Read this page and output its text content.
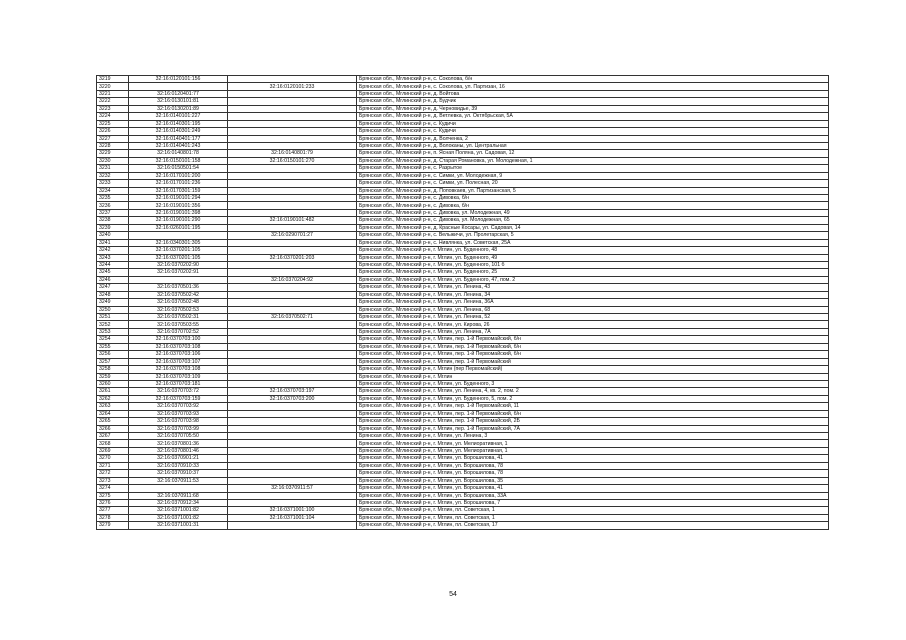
3219	32:16:0120101:156		Брянская обл., Мглинский р-н, с. Соколова, б/н
3220		32:16:0120101:233	Брянская обл., Мглинский р-н, с. Соколова, ул. Партизан, 16
3221	32:16:0120401:77		Брянская обл., Мглинский р-н, д. Войтова
3222	32:16:0130101:81		Брянская обл., Мглинский р-н, д. Будчик
3223	32:16:0130201:89		Брянская обл., Мглинский р-н, д. Черновидье, 39
3224	32:16:0140101:227		Брянская обл., Мглинский р-н, д. Ветлевка, ул. Октябрьская, 5А
3225	32:16:0140301:195		Брянская обл., Мглинский р-н, с. Кудичи
3226	32:16:0140301:249		Брянская обл., Мглинский р-н, с. Кудичи
3227	32:16:0140401:177		Брянская обл., Мглинский р-н, д. Волченка, 2
3228	32:16:0140401:243		Брянская обл., Мглинский р-н, д. Волоканы, ул. Центральная
3229	32:16:0140801:78	32:16:0140801:79	Брянская обл., Мглинский р-н, п. Ясная Поляна, ул. Садовая, 12
3230	32:16:0150101:158	32:16:0150101:270	Брянская обл., Мглинский р-н, д. Старая Романовка, ул. Молодежная, 1
3231	32:16:0150501:54		Брянская обл., Мглинский р-н, с. Разрытое
3232	32:16:0170101:200		Брянская обл., Мглинский р-н, с. Симки, ул. Молодежная, 9
3233	32:16:0170101:236		Брянская обл., Мглинский р-н, с. Симки, ул. Полесная, 20
3234	32:16:0170301:159		Брянская обл., Мглинский р-н, д. Поповкаев, ул. Партизанская, 5
3235	32:16:0190101:294		Брянская обл., Мглинский р-н, с. Дивовка, б/н
3236	32:16:0190101:356		Брянская обл., Мглинский р-н, с. Дивовка, б/н
3237	32:16:0190101:398		Брянская обл., Мглинский р-н, с. Дивовка, ул. Молодежная, 49
3238	32:16:0190101:290	32:16:0190101:482	Брянская обл., Мглинский р-н, с. Дивовка, ул. Молодежная, 65
3239	32:16:0260101:195		Брянская обл., Мглинский р-н, д. Красные Косары, ул. Садовая, 14
3240		32:16:0290701:27	Брянская обл., Мглинский р-н, с. Вельжичи, ул. Пролетарская, 5
3241	32:16:0340301:305		Брянская обл., Мглинский р-н, с. Нивлянка, ул. Советская, 25А
3242	32:16:0370201:105		Брянская обл., Мглинский р-н, г. Мглин, ул. Буденного, 48
3243	32:16:0370201:105	32:16:0370201:203	Брянская обл., Мглинский р-н, г. Мглин, ул. Буденного, 49
3244	32:16:0370202:90		Брянская обл., Мглинский р-н, г. Мглин, ул. Буденного, 101 б
3245	32:16:0370202:91		Брянская обл., Мглинский р-н, г. Мглин, ул. Буденного, 25
3246		32:16:0370204:92	Брянская обл., Мглинский р-н, г. Мглин, ул. Буденного, 47, пом. 2
3247	32:16:0370501:36		Брянская обл., Мглинский р-н, г. Мглин, ул. Ленина, 43
3248	32:16:0370502:42		Брянская обл., Мглинский р-н, г. Мглин, ул. Ленина, 34
3249	32:16:0370502:48		Брянская обл., Мглинский р-н, г. Мглин, ул. Ленина, 36А
3250	32:16:0370502:53		Брянская обл., Мглинский р-н, г. Мглин, ул. Ленина, 68
3251	32:16:0370502:31	32:16:0370502:71	Брянская обл., Мглинский р-н, г. Мглин, ул. Ленина, 52
3252	32:16:0370503:55		Брянская обл., Мглинский р-н, г. Мглин, ул. Кирова, 26
3253	32:16:0370702:52		Брянская обл., Мглинский р-н, г. Мглин, ул. Ленина, 7А
3254	32:16:0370703:100		Брянская обл., Мглинский р-н, г. Мглин, пер. 1-й Первомайский, б/н
3255	32:16:0370703:108		Брянская обл., Мглинский р-н, г. Мглин, пер. 1-й Первомайский, б/н
3256	32:16:0370703:106		Брянская обл., Мглинский р-н, г. Мглин, пер. 1-й Первомайский, б/н
3257	32:16:0370703:107		Брянская обл., Мглинский р-н, г. Мглин, пер. 1-й Первомайский
3258	32:16:0370703:108		Брянская обл., Мглинский р-н, г. Мглин (пер Первомайский)
3259	32:16:0370703:109		Брянская обл., Мглинский р-н, г. Мглин
3260	32:16:0370703:181		Брянская обл., Мглинский р-н, г. Мглин, ул. Буденного, 3
3261	32:16:0370703:72	32:16:0370703:197	Брянская обл., Мглинский р-н, г. Мглин, ул. Ленина, 4, кв. 2, пом. 2
3262	32:16:0370703:159	32:16:0370703:200	Брянская обл., Мглинский р-н, г. Мглин, ул. Буденного, 5, пом. 2
3263	32:16:0370703:92		Брянская обл., Мглинский р-н, г. Мглин, пер. 1-й Первомайский, 11
3264	32:16:0370703:93		Брянская обл., Мглинский р-н, г. Мглин, пер. 1-й Первомайский, б/н
3265	32:16:0370703:98		Брянская обл., Мглинский р-н, г. Мглин, пер. 1-й Первомайский, 2Б
3266	32:16:0370703:99		Брянская обл., Мглинский р-н, г. Мглин, пер. 1-й Первомайский, 7А
3267	32:16:0370705:50		Брянская обл., Мглинский р-н, г. Мглин, ул. Ленина, 3
3268	32:16:0370801:36		Брянская обл., Мглинский р-н, г. Мглин, ул. Мелиоративная, 1
3269	32:16:0370801:46		Брянская обл., Мглинский р-н, г. Мглин, ул. Мелиоративная, 1
3270	32:16:0370901:21		Брянская обл., Мглинский р-н, г. Мглин, ул. Ворошилова, 41
3271	32:16:0370910:33		Брянская обл., Мглинский р-н, г. Мглин, ул. Ворошилова, 78
3272	32:16:0370910:37		Брянская обл., Мглинский р-н, г. Мглин, ул. Ворошилова, 78
3273	32:16:0370911:53		Брянская обл., Мглинский р-н, г. Мглин, ул. Ворошилова, 35
3274		32:16:0370911:57	Брянская обл., Мглинский р-н, г. Мглин, ул. Ворошилова, 41
3275	32:16:0370911:68		Брянская обл., Мглинский р-н, г. Мглин, ул. Ворошилова, 33А
3276	32:16:0370912:34		Брянская обл., Мглинский р-н, г. Мглин, ул. Ворошилова, 7
3277	32:16:0371001:82	32:16:0371001:100	Брянская обл., Мглинский р-н, г. Мглин, пл. Советская, 1
3278	32:16:0371001:82	32:16:0371001:104	Брянская обл., Мглинский р-н, г. Мглин, пл. Советская, 1
3279	32:16:0371001:31		Брянская обл., Мглинский р-н, г. Мглин, пл. Советская, 17
54
